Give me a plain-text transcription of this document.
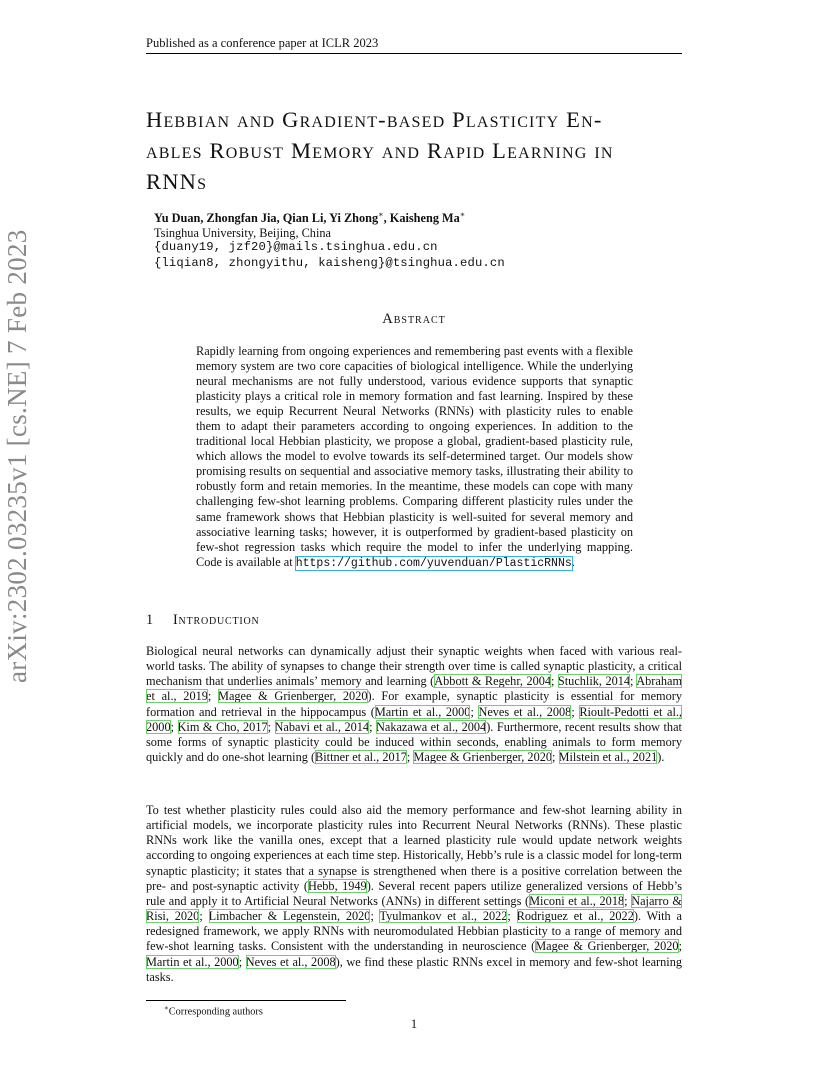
Published as a conference paper at ICLR 2023
arXiv:2302.03235v1 [cs.NE] 7 Feb 2023
Hebbian and Gradient-based Plasticity En-
ables Robust Memory and Rapid Learning in
RNNs
Yu Duan, Zhongfan Jia, Qian Li, Yi Zhong∗, Kaisheng Ma∗
Tsinghua University, Beijing, China
{duany19, jzf20}@mails.tsinghua.edu.cn
{liqian8, zhongyithu, kaisheng}@tsinghua.edu.cn
Abstract
Rapidly learning from ongoing experiences and remembering past events with a flexible memory system are two core capacities of biological intelligence. While the underlying neural mechanisms are not fully understood, various evidence supports that synaptic plasticity plays a critical role in memory formation and fast learning. Inspired by these results, we equip Recurrent Neural Networks (RNNs) with plasticity rules to enable them to adapt their parameters according to ongoing experiences. In addition to the traditional local Hebbian plasticity, we propose a global, gradient-based plasticity rule, which allows the model to evolve towards its self-determined target. Our models show promising results on sequential and associative memory tasks, illustrating their ability to robustly form and retain memories. In the meantime, these models can cope with many challenging few-shot learning problems. Comparing different plasticity rules under the same framework shows that Hebbian plasticity is well-suited for several memory and associative learning tasks; however, it is outperformed by gradient-based plasticity on few-shot regression tasks which require the model to infer the underlying mapping. Code is available at https://github.com/yuvenduan/PlasticRNNs.
1 Introduction
Biological neural networks can dynamically adjust their synaptic weights when faced with various real-world tasks. The ability of synapses to change their strength over time is called synaptic plasticity, a critical mechanism that underlies animals’ memory and learning (Abbott & Regehr, 2004; Stuchlik, 2014; Abraham et al., 2019; Magee & Grienberger, 2020). For example, synaptic plasticity is essential for memory formation and retrieval in the hippocampus (Martin et al., 2000; Neves et al., 2008; Rioult-Pedotti et al., 2000; Kim & Cho, 2017; Nabavi et al., 2014; Nakazawa et al., 2004). Furthermore, recent results show that some forms of synaptic plasticity could be induced within seconds, enabling animals to form memory quickly and do one-shot learning (Bittner et al., 2017; Magee & Grienberger, 2020; Milstein et al., 2021).
To test whether plasticity rules could also aid the memory performance and few-shot learning ability in artificial models, we incorporate plasticity rules into Recurrent Neural Networks (RNNs). These plastic RNNs work like the vanilla ones, except that a learned plasticity rule would update network weights according to ongoing experiences at each time step. Historically, Hebb’s rule is a classic model for long-term synaptic plasticity; it states that a synapse is strengthened when there is a positive correlation between the pre- and post-synaptic activity (Hebb, 1949). Several recent papers utilize generalized versions of Hebb’s rule and apply it to Artificial Neural Networks (ANNs) in different settings (Miconi et al., 2018; Najarro & Risi, 2020; Limbacher & Legenstein, 2020; Tyulmankov et al., 2022; Rodriguez et al., 2022). With a redesigned framework, we apply RNNs with neuromodulated Hebbian plasticity to a range of memory and few-shot learning tasks. Consistent with the understanding in neuroscience (Magee & Grienberger, 2020; Martin et al., 2000; Neves et al., 2008), we find these plastic RNNs excel in memory and few-shot learning tasks.
∗Corresponding authors
1
